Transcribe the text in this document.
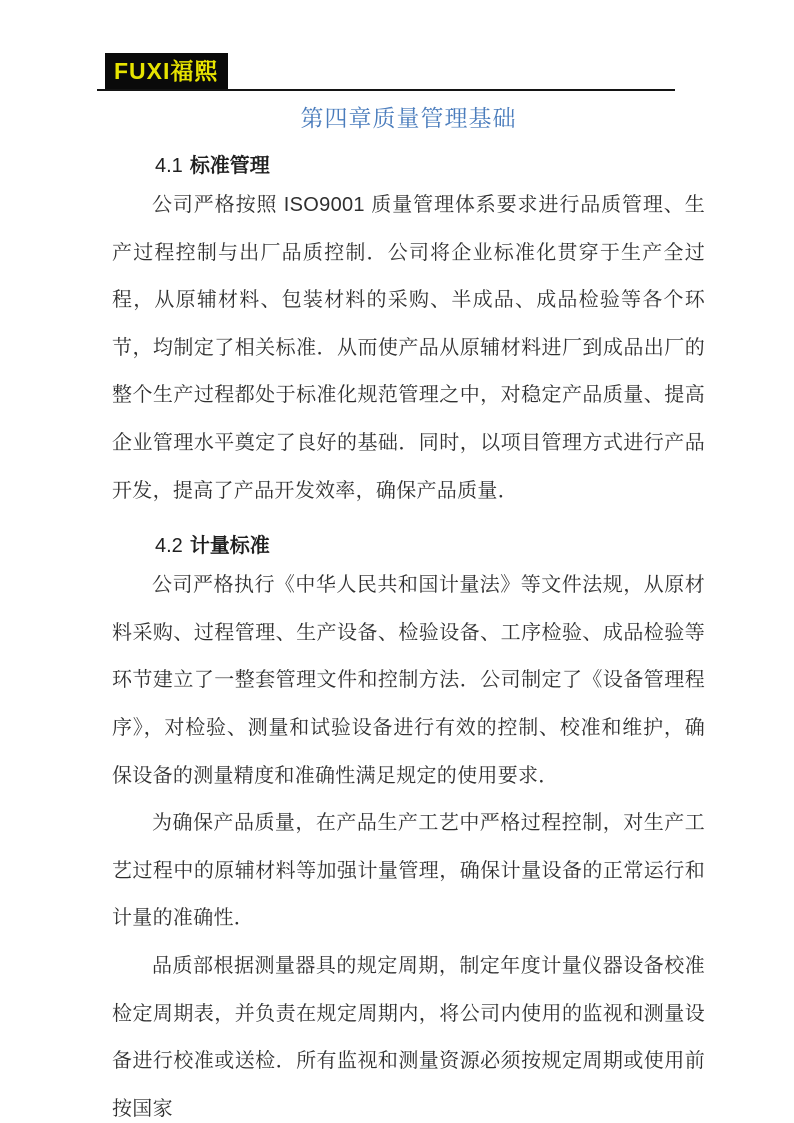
FUXI福熙
第四章质量管理基础
4.1 标准管理

公司严格按照 ISO9001 质量管理体系要求进行品质管理、生产过程控制与出厂品质控制．公司将企业标准化贯穿于生产全过程，从原辅材料、包装材料的采购、半成品、成品检验等各个环节，均制定了相关标准．从而使产品从原辅材料进厂到成品出厂的整个生产过程都处于标准化规范管理之中，对稳定产品质量、提高企业管理水平奠定了良好的基础．同时，以项目管理方式进行产品开发，提高了产品开发效率，确保产品质量．

4.2 计量标准

公司严格执行《中华人民共和国计量法》等文件法规，从原材料采购、过程管理、生产设备、检验设备、工序检验、成品检验等环节建立了一整套管理文件和控制方法．公司制定了《设备管理程序》，对检验、测量和试验设备进行有效的控制、校准和维护，确保设备的测量精度和准确性满足规定的使用要求．

为确保产品质量，在产品生产工艺中严格过程控制，对生产工艺过程中的原辅材料等加强计量管理，确保计量设备的正常运行和计量的准确性．

品质部根据测量器具的规定周期，制定年度计量仪器设备校准检定周期表，并负责在规定周期内，将公司内使用的监视和测量设备进行校准或送检．所有监视和测量资源必须按规定周期或使用前按国家
